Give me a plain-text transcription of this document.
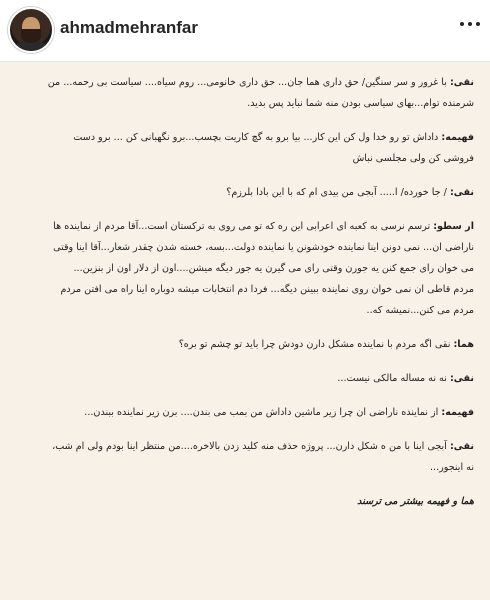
ahmadmehranfar
نقی: با غرور و سر سنگین/ حق داری هما جان... حق داری خانومی... روم سیاه.... سیاست بی رحمه... من
شرمنده توام...بهای سیاسی بودن منه شما نباید پس بدید.
فهیمه: داداش تو رو خدا ول کن این کار... بیا برو به گچ کاریت بچسب...برو نگهبانی کن ... برو دست
فروشی کن ولی مجلسی نباش
نقی: / جا خورده/ ا..... آبجی من بیدی ام که با این بادا بلرزم؟
ار سطو: ترسم نرسی به کعبه ای اعرابی این ره که تو می روی به ترکستان است...آقا مردم از نماینده ها
ناراضی ان... نمی دونن اینا نماینده خودشونن یا نماینده دولت...بسه، خسته شدن چقدر شعار...آقا اینا وقتی
می خوان رای جمع کنن یه جورن وقتی رای می گیرن یه جور دیگه میشن....اون از دلار اون از بنزین...
مردم قاطی ان نمی خوان روی نماینده ببینن دیگه... فردا دم انتخابات میشه دوباره اینا راه می افتن مردم
مردم می کنن...نمیشه که..
هما: نقی اگه مردم با نماینده مشکل دارن دودش چرا باید تو چشم تو بره؟
نقی: نه نه مساله مالکی نیست...
فهیمه: از نماینده ناراضی ان چرا زیر ماشین داداش من بمب می بندن.... برن زیر نماینده ببندن...
نقی: آبجی اینا با من ه شکل دارن... پروژه حذف منه کلید زدن بالاخره....من منتظر اینا بودم ولی ام شب،
نه اینجور...
هما و فهیمه بیشتر می ترسند
